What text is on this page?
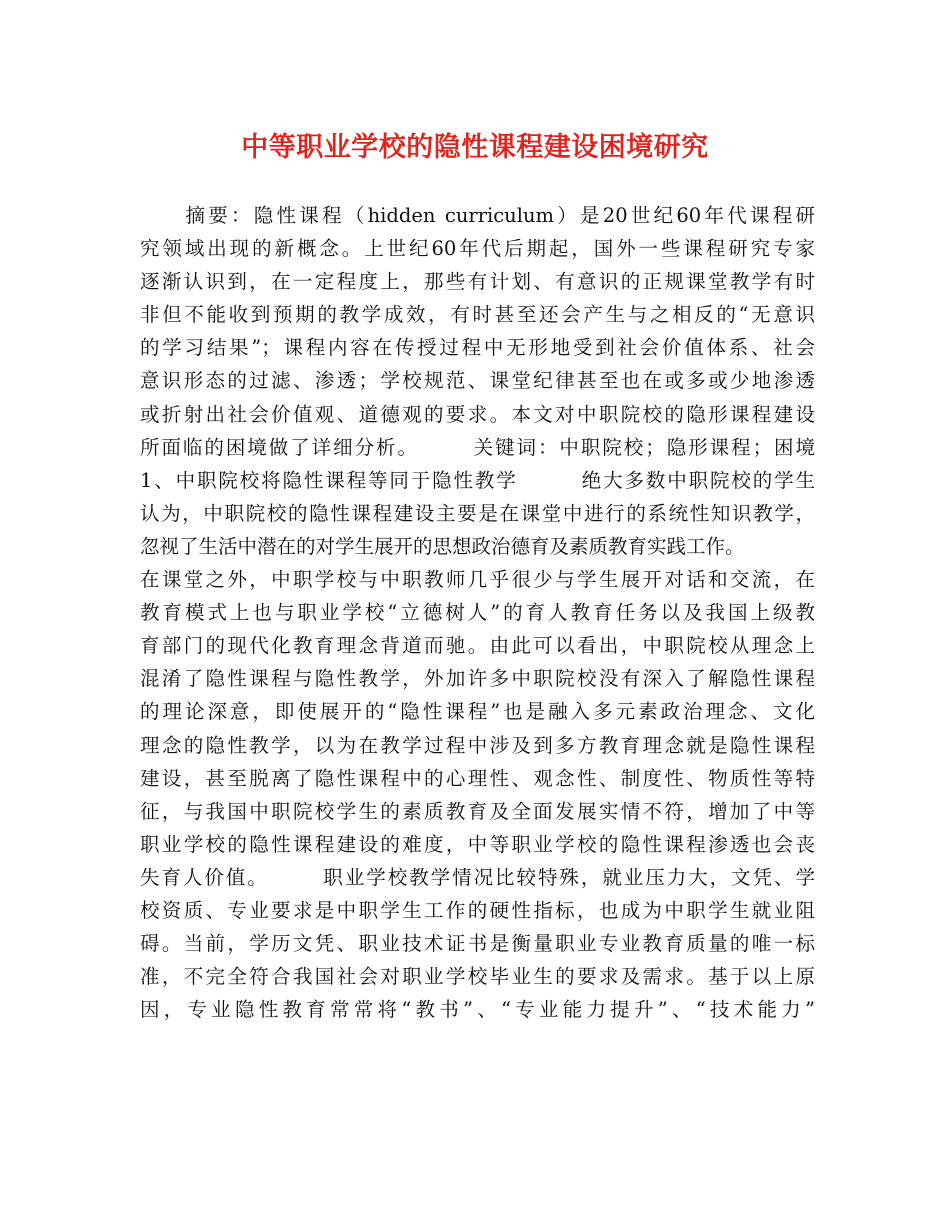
中等职业学校的隐性课程建设困境研究
　　摘要：隐性课程（hidden curriculum）是20世纪60年代课程研
究领域出现的新概念。上世纪60年代后期起，国外一些课程研究专家
逐渐认识到，在一定程度上，那些有计划、有意识的正规课堂教学有时
非但不能收到预期的教学成效，有时甚至还会产生与之相反的“无意识
的学习结果”；课程内容在传授过程中无形地受到社会价值体系、社会
意识形态的过滤、渗透；学校规范、课堂纪律甚至也在或多或少地渗透
或折射出社会价值观、道德观的要求。本文对中职院校的隐形课程建设
所面临的困境做了详细分析。　　　关键词：中职院校；隐形课程；困境
1、中职院校将隐性课程等同于隐性教学　　　绝大多数中职院校的学生
认为，中职院校的隐性课程建设主要是在课堂中进行的系统性知识教学，
忽视了生活中潜在的对学生展开的思想政治德育及素质教育实践工作。
在课堂之外，中职学校与中职教师几乎很少与学生展开对话和交流，在
教育模式上也与职业学校“立德树人”的育人教育任务以及我国上级教
育部门的现代化教育理念背道而驰。由此可以看出，中职院校从理念上
混淆了隐性课程与隐性教学，外加许多中职院校没有深入了解隐性课程
的理论深意，即使展开的“隐性课程”也是融入多元素政治理念、文化
理念的隐性教学，以为在教学过程中涉及到多方教育理念就是隐性课程
建设，甚至脱离了隐性课程中的心理性、观念性、制度性、物质性等特
征，与我国中职院校学生的素质教育及全面发展实情不符，增加了中等
职业学校的隐性课程建设的难度，中等职业学校的隐性课程渗透也会丧
失育人价值。　　　职业学校教学情况比较特殊，就业压力大，文凭、学
校资质、专业要求是中职学生工作的硬性指标，也成为中职学生就业阻
碍。当前，学历文凭、职业技术证书是衡量职业专业教育质量的唯一标
准，不完全符合我国社会对职业学校毕业生的要求及需求。基于以上原
因，专业隐性教育常常将“教书”、“专业能力提升”、“技术能力”
